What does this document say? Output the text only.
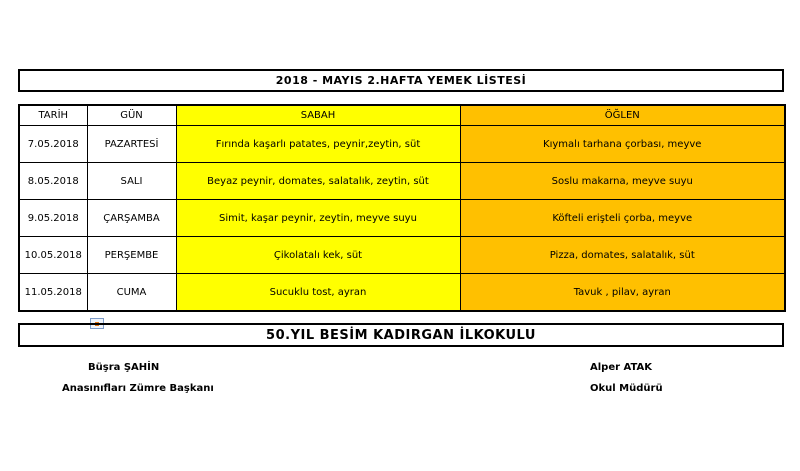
2018 - MAYIS 2.HAFTA YEMEK LİSTESİ
TARİH	GÜN	SABAH	ÖĞLEN
7.05.2018	PAZARTESİ	Fırında kaşarlı patates, peynir,zeytin, süt	Kıymalı tarhana çorbası, meyve
8.05.2018	SALI	Beyaz peynir, domates, salatalık, zeytin, süt	Soslu makarna, meyve suyu
9.05.2018	ÇARŞAMBA	Simit, kaşar peynir, zeytin, meyve suyu	Köfteli erişteli çorba, meyve
10.05.2018	PERŞEMBE	Çikolatalı kek, süt	Pizza, domates, salatalık, süt
11.05.2018	CUMA	Sucuklu tost, ayran	Tavuk , pilav, ayran
50.YIL BESİM KADIRGAN İLKOKULU
Büşra ŞAHİN
Anasınıfları Zümre Başkanı
Alper ATAK
Okul Müdürü
